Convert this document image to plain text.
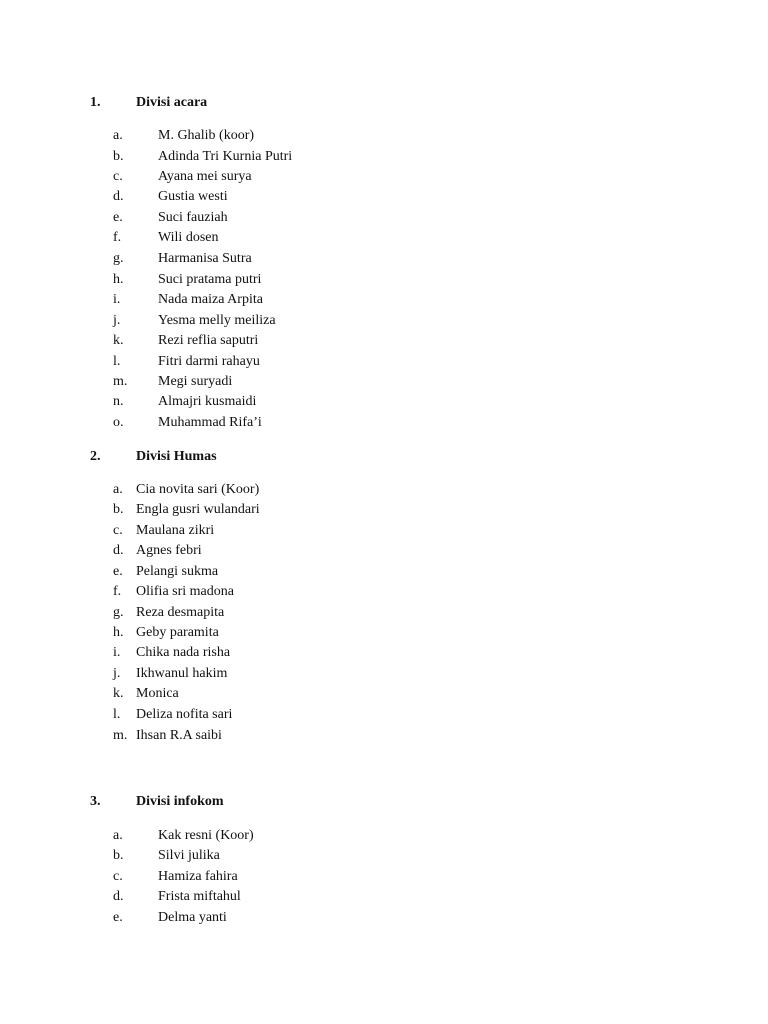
1.	Divisi acara
a.	M. Ghalib (koor)
b. Adinda Tri Kurnia Putri
c.	Ayana mei surya
d. Gustia westi
e.	Suci fauziah
f.	Wili dosen
g. Harmanisa Sutra
h. Suci pratama putri
i.	Nada maiza Arpita
j.	Yesma melly meiliza
k. Rezi reflia saputri
l.	Fitri darmi rahayu
m. Megi suryadi
n. Almajri kusmaidi
o. Muhammad Rifa’i
2.	Divisi Humas
a. Cia novita sari (Koor)
b. Engla gusri wulandari
c. Maulana zikri
d. Agnes febri
e. Pelangi sukma
f. Olifia sri madona
g. Reza desmapita
h. Geby paramita
i. Chika nada risha
j. Ikhwanul hakim
k. Monica
l. Deliza nofita sari
m. Ihsan R.A saibi
3.	Divisi infokom
a.	Kak resni (Koor)
b. Silvi julika
c.	Hamiza fahira
d. Frista miftahul
e.	Delma yanti
